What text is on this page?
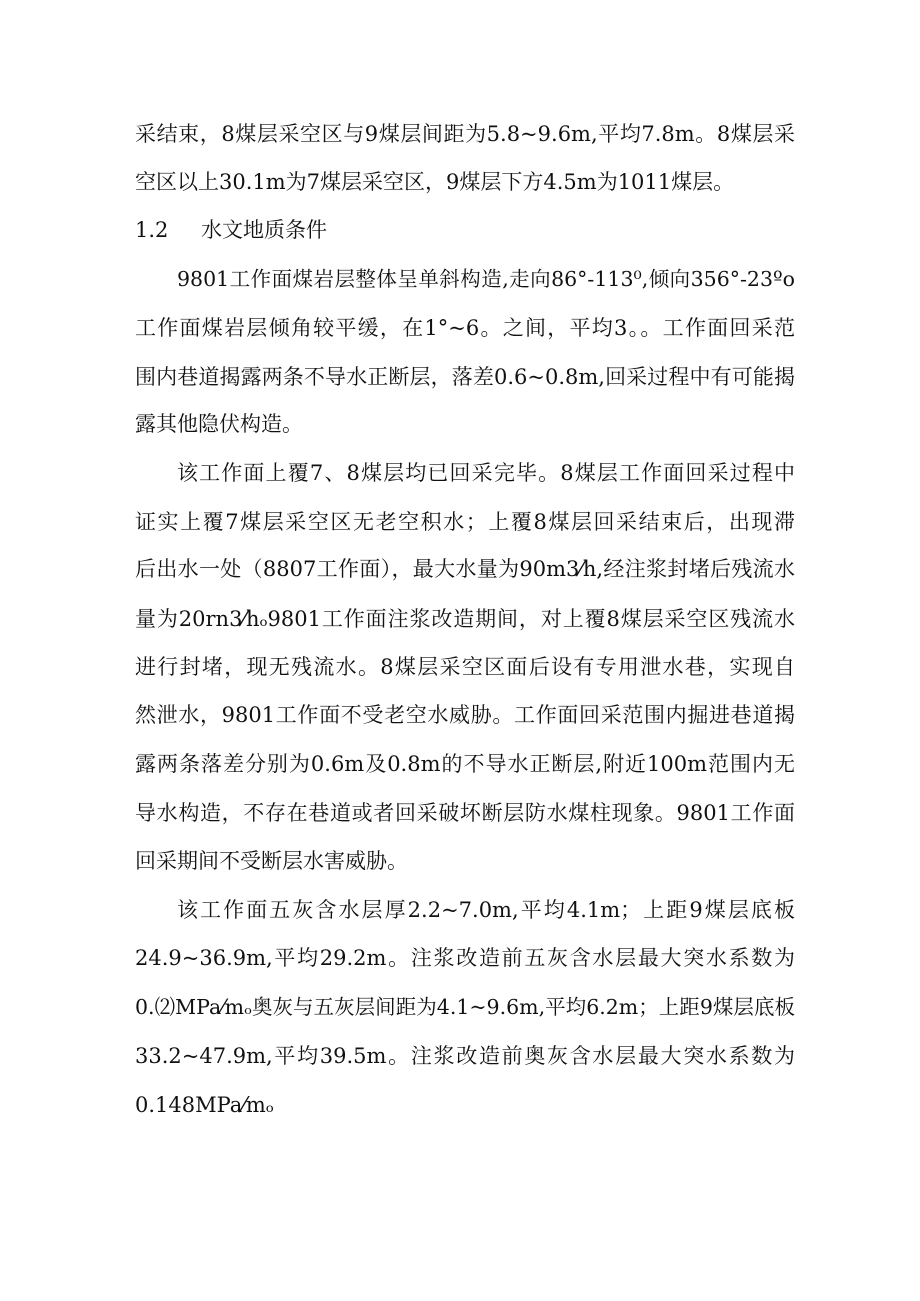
采结束，8煤层采空区与9煤层间距为5.8~9.6m,平均7.8m。8煤层采
空区以上30.1m为7煤层采空区，9煤层下方4.5m为1011煤层。
1.2 水文地质条件
9801工作面煤岩层整体呈单斜构造,走向86°-113⁰,倾向356°-23ºo
工作面煤岩层倾角较平缓，在1°~6。之间，平均3。。工作面回采范
围内巷道揭露两条不导水正断层，落差0.6~0.8m,回采过程中有可能揭
露其他隐伏构造。
该工作面上覆7、8煤层均已回采完毕。8煤层工作面回采过程中
证实上覆7煤层采空区无老空积水；上覆8煤层回采结束后，出现滞
后出水一处（8807工作面），最大水量为90m3⁄h,经注浆封堵后残流水
量为20rn3⁄hₒ9801工作面注浆改造期间，对上覆8煤层采空区残流水
进行封堵，现无残流水。8煤层采空区面后设有专用泄水巷，实现自
然泄水，9801工作面不受老空水威胁。工作面回采范围内掘进巷道揭
露两条落差分别为0.6m及0.8m的不导水正断层,附近100m范围内无
导水构造，不存在巷道或者回采破坏断层防水煤柱现象。9801工作面
回采期间不受断层水害威胁。
该工作面五灰含水层厚2.2~7.0m,平均4.1m；上距9煤层底板
24.9~36.9m,平均29.2m。注浆改造前五灰含水层最大突水系数为
0.⑵MPa⁄mₒ奥灰与五灰层间距为4.1~9.6m,平均6.2m；上距9煤层底板
33.2~47.9m,平均39.5m。注浆改造前奥灰含水层最大突水系数为
0.148MPa⁄mₒ
